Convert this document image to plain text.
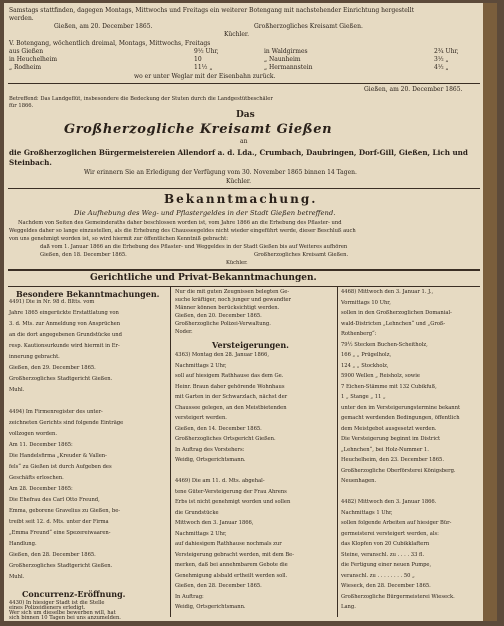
Samstags stattfinden, dagegen Montags, Mittwochs und Freitags ein weiterer Botengang mit nachstehender Einrichtung hergestellt
werden.
Gießen, am 20. December 1865.	Großherzogliches Kreisamt Gießen.
Küchler.
V. Botengang, wöchentlich dreimal, Montags, Mittwochs, Freitags
aus Gießen	9½ Uhr,	in Waldgirmes	2¾ Uhr,
in Heuchelheim	10	„ Naunheim	3½ „
„ Rodheim	11½ „	„ Hermannstein	4½ „
wo er unter Weglar mit der Eisenbahn zurück.
Gießen, am 20. December 1865.
Betreffend: Das Landgeflüt, insbesondere die Bedeckung der Stuten durch die Landgestütbeschäler für 1866.
Das
Großherzogliche Kreisamt Gießen
an
die Großherzoglichen Bürgermeistereien Allendorf a. d. Lda., Crumbach, Daubringen, Dorf-Gill, Gießen, Lich und Steinbach.
Wir erinnern Sie an Erledigung der Verfügung vom 30. November 1865 binnen 14 Tagen.
Küchler.
Bekanntmachung.
Die Aufhebung des Weg- und Pflastergeldes in der Stadt Gießen betreffend.
Nachdem von Seiten des Gemeinderaths daher beschlossen worden ist, vom Jahre 1866 an die Erhebung des Pflaster- und
Weggeldes daher so lange einzustellen, als die Erhebung des Chausseegeldes nicht wieder eingeführt werde, dieser Beschluß auch
von uns genehmigt worden ist, so wird hiermit zur öffentlichen Kenntniß gebracht:
daß vom 1. Januar 1866 an die Erhebung des Pflaster- und Weggeldes in der Stadt Gießen bis auf Weiteres aufhören
Gießen, den 18. December 1865.	Großherzogliches Kreisamt Gießen.
Küchler.
Gerichtliche und Privat-Bekanntmachungen.
Besondere Bekanntmachungen.
Concurrenz-Eröffnung.
Versteigerungen.
4491) Die in Nr. 98 d. Bltts. vom
Jahre 1865 eingerückte Erstattlatung von
3. d. Mts. zur Anmeldung von Ansprüchen
an die dort angegebenen Grundstücke und
resp. Kautionsurkunde wird hiermit in Er-
innerung gebracht.
Gießen, den 29. December 1865.
Großherzogliches Stadtgericht Gießen.
Muhl.
4494) Im Firmenregister des unter-
zeichneten Gerichts sind folgende Einträge
vollzogen worden.
Am 11. December 1865:
Die Handelsfirma „Kreuder & Vallen-
fels“ zu Gießen ist durch Aufgeben des
Geschäfts erloschen.
Am 28. December 1865:
Die Ehefrau des Carl Otto Freund,
Emma, geborene Gravelius zu Gießen, be-
treibt seit 12. d. Mts. unter der Firma
„Emma Freund“ eine Spezereiwaaren-
Handlung.
Gießen, den 28. December 1865.
Großherzogliches Stadtgericht Gießen.
Muhl.
4430) In hiesiger Stadt ist die Stelle
eines Polizeidieners erledigt.
Wer sich um dieselbe bewerben will, hat
sich binnen 10 Tagen bei uns anzumelden.
Nur die mit guten Zeugnissen belegten Ge-
suche kräftiger, noch junger und gewandter
Männer können berücksichtigt werden.
Gießen, den 20. December 1865.
Großherzogliche Polizei-Verwaltung.
Noder.
4363) Montag den 28. Januar 1866,
Nachmittags 2 Uhr,
soll auf hiesigem Rathhause das dem Ge.
Heinr. Braun daher gehörende Wohnhaus
mit Garten in der Schwarzlach, nächst der
Chaussee gelegen, an den Meistbietenden
versteigert werden.
Gießen, den 14. December 1865.
Großherzogliches Ortsgericht Gießen.
In Auftrag des Vorstehers:
Weidig, Ortsgerichtsmann.
4469) Die am 11. d. Mts. abgehal-
tene Güter-Versteigerung der Frau Ahrens
Erbs ist nicht genehmigt worden und sollen
die Grundstücke
Mittwoch den 3. Januar 1866,
Nachmittags 2 Uhr,
auf dahiesigem Rathhause nochmals zur
Versteigerung gebracht werden, mit dem Be-
merken, daß bei annehmbarem Gebote die
Genehmigung alsbald ertheilt werden soll.
Gießen, den 28. December 1865.
In Auftrag:
Weidig, Ortsgerichtsmann.
4468) Mittwoch den 3. Januar 1. J.,
Vormittags 10 Uhr,
sollen in den Großherzoglichen Domanial-
wald-Districten „Lehnchen“ und „Groß-
Rothenberg“:
79½ Stecken Buchen-Scheitholz,
166 „ „ Prügelholz,
124 „ „ Stockholz,
5900 Wellen „ Reisholz, sowie
7 Eichen-Stämme mit 132 Cubikfuß,
1 „ Stange „ 11 „
unter den im Versteigerungstermine bekannt
gemacht werdenden Bedingungen, öffentlich
dem Meistgebot ausgesetzt werden.
Die Versteigerung beginnt im District
„Lehnchen“, bei Holz-Nummer 1.
Heuchelheim, den 23. December 1865.
Großherzogliche Oberförsterei Königsberg.
Neuenhagen.
4482) Mittwoch den 3. Januar 1866.
Nachmittags 1 Uhr,
sollen folgende Arbeiten auf hiesiger Bür-
germeisterei versteigert werden, als:
das Klopfen von 20 Cubikklaftern
Steine, veranschl. zu . . . . 33 fl.
die Fertigung einer neuen Pumpe,
veranschl. zu . . . . . . . . 50 „
Wieseck, den 28. December 1865.
Großherzogliche Bürgermeisterei Wieseck.
Lang.
